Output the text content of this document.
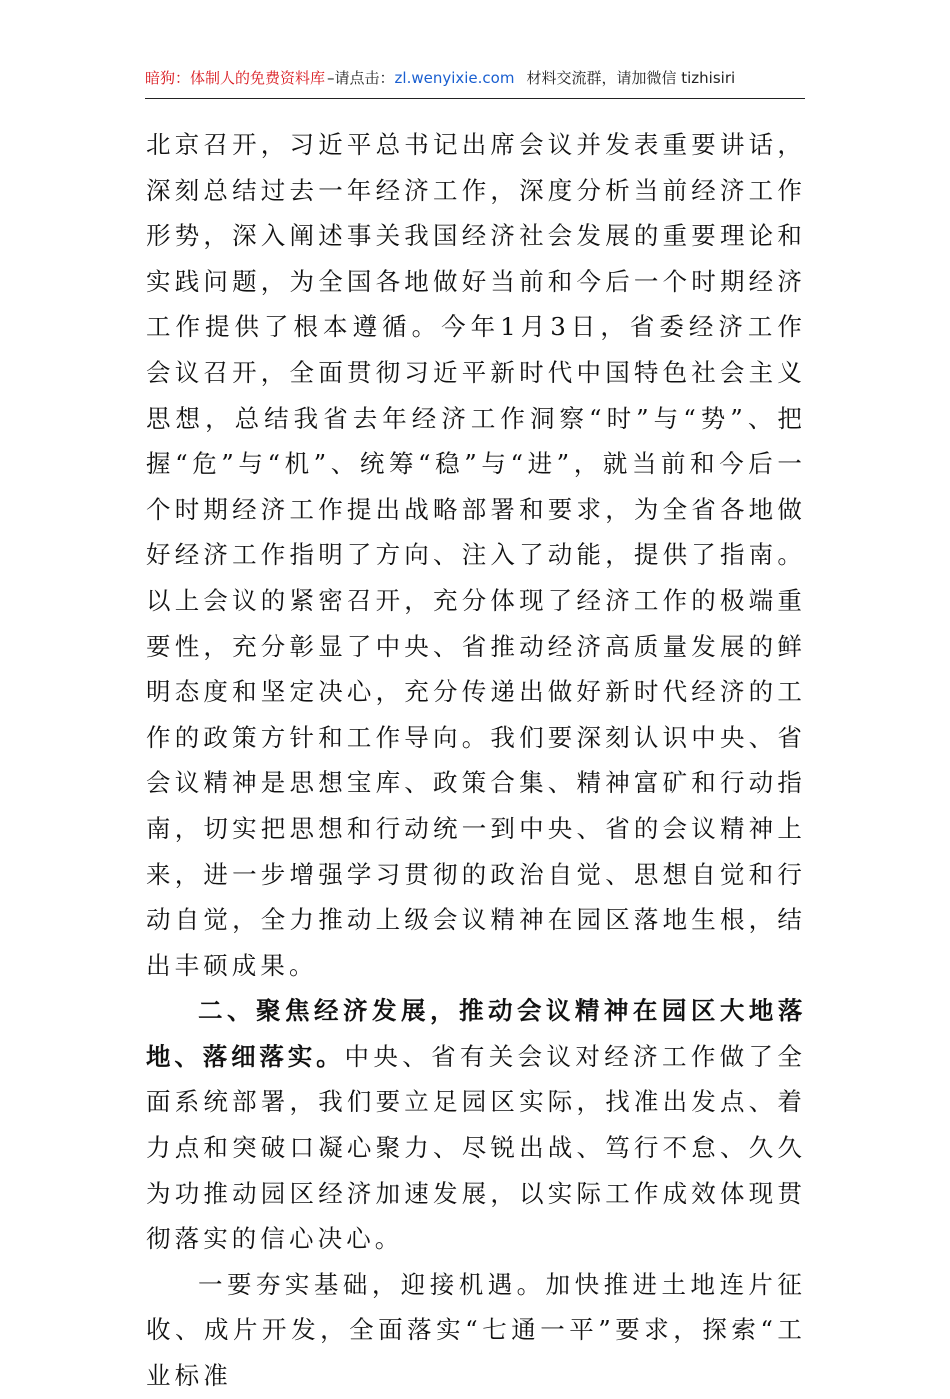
暗狗：体制人的免费资料库 –请点击：zl.wenyixie.com 材料交流群，请加微信 tizhisiri

北京召开，习近平总书记出席会议并发表重要讲话，深刻总结过去一年经济工作，深度分析当前经济工作形势，深入阐述事关我国经济社会发展的重要理论和实践问题，为全国各地做好当前和今后一个时期经济工作提供了根本遵循。今年1月3日，省委经济工作会议召开，全面贯彻习近平新时代中国特色社会主义思想，总结我省去年经济工作洞察“时”与“势”、把握“危”与“机”、统筹“稳”与“进”，就当前和今后一个时期经济工作提出战略部署和要求，为全省各地做好经济工作指明了方向、注入了动能，提供了指南。以上会议的紧密召开，充分体现了经济工作的极端重要性，充分彰显了中央、省推动经济高质量发展的鲜明态度和坚定决心，充分传递出做好新时代经济的工作的政策方针和工作导向。我们要深刻认识中央、省会议精神是思想宝库、政策合集、精神富矿和行动指南，切实把思想和行动统一到中央、省的会议精神上来，进一步增强学习贯彻的政治自觉、思想自觉和行动自觉，全力推动上级会议精神在园区落地生根，结出丰硕成果。

二、聚焦经济发展，推动会议精神在园区大地落地、落细落实。中央、省有关会议对经济工作做了全面系统部署，我们要立足园区实际，找准出发点、着力点和突破口凝心聚力、尽锐出战、笃行不怠、久久为功推动园区经济加速发展，以实际工作成效体现贯彻落实的信心决心。

一要夯实基础，迎接机遇。加快推进土地连片征收、成片开发，全面落实“七通一平”要求，探索“工业标准
